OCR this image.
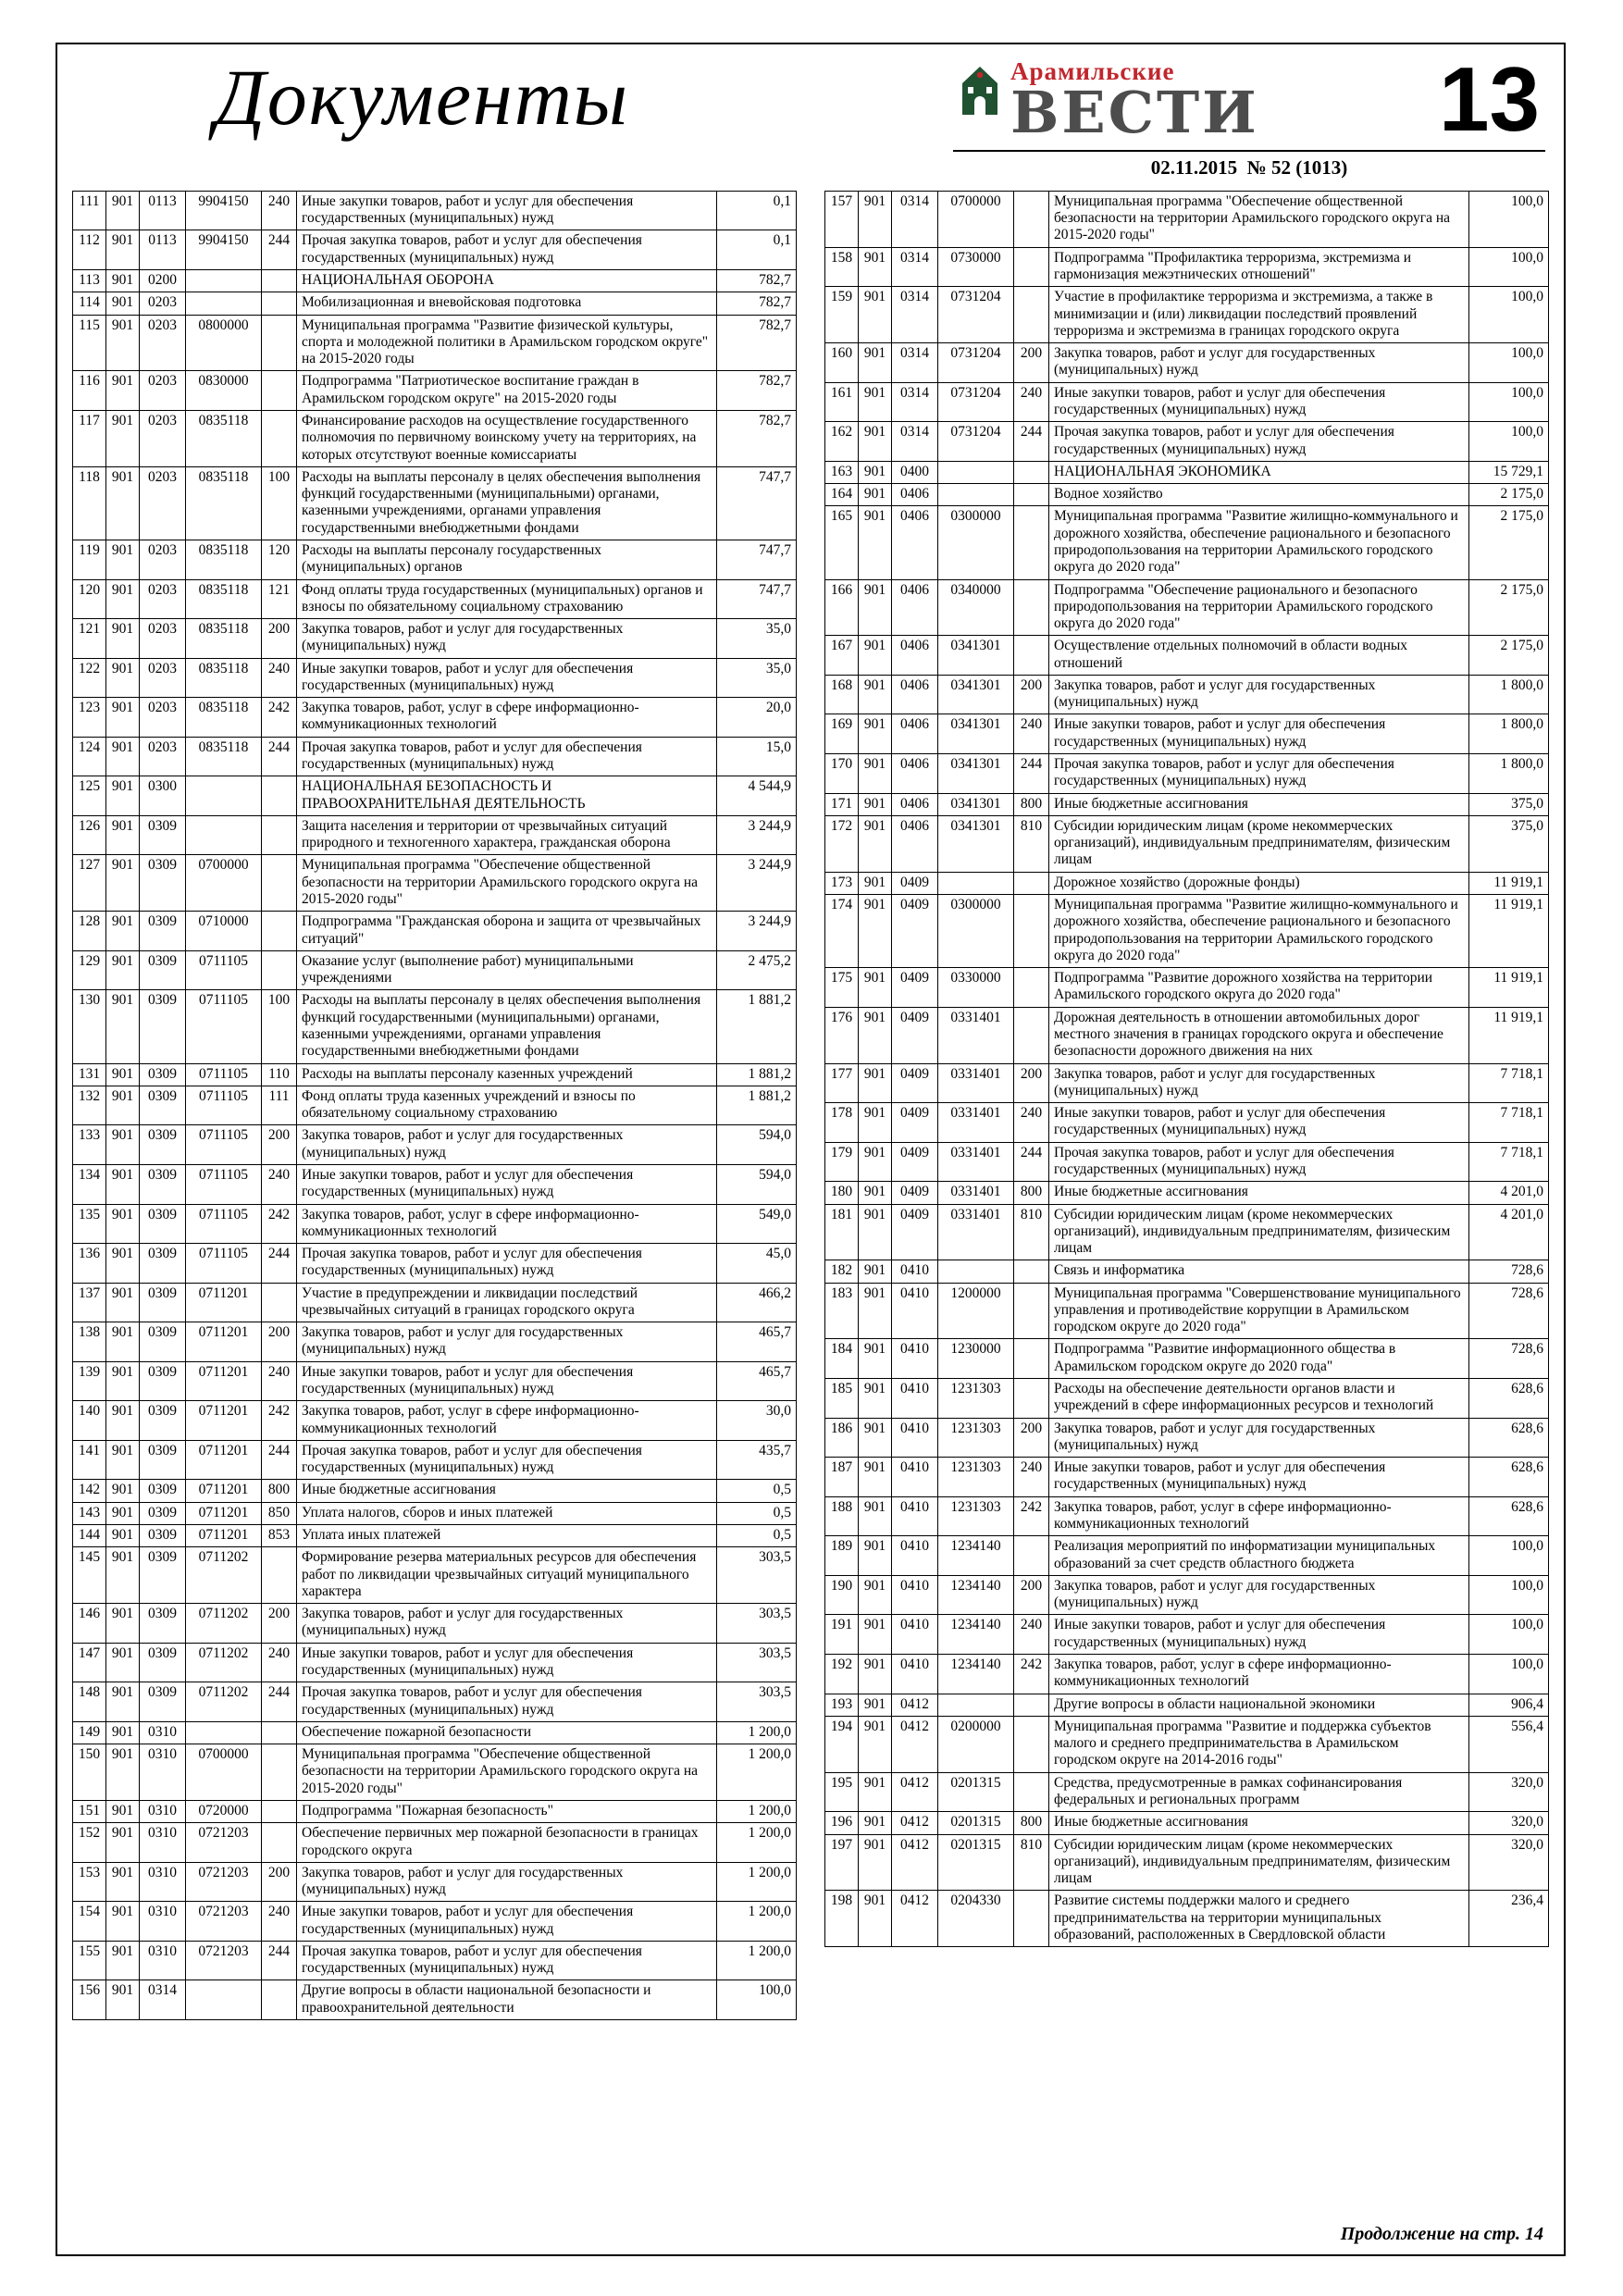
Документы	Арамильские
ВЕСТИ 13
02.11.2015  № 52 (1013)
111	901	0113	9904150	240	Иные закупки товаров, работ и услуг для обеспечения государственных (муниципальных) нужд	0,1
112	901	0113	9904150	244	Прочая закупка товаров, работ и услуг для обеспечения государственных (муниципальных) нужд	0,1
113	901	0200			НАЦИОНАЛЬНАЯ ОБОРОНА	782,7
114	901	0203			Мобилизационная и вневойсковая подготовка	782,7
115	901	0203	0800000		Муниципальная программа "Развитие физической культуры, спорта и молодежной политики в Арамильском городском округе" на 2015-2020 годы	782,7
116	901	0203	0830000		Подпрограмма "Патриотическое воспитание граждан в Арамильском городском округе" на 2015-2020 годы	782,7
117	901	0203	0835118		Финансирование расходов на осуществление государственного полномочия по первичному воинскому учету на территориях, на которых отсутствуют военные комиссариаты	782,7
118	901	0203	0835118	100	Расходы на выплаты персоналу в целях обеспечения выполнения функций государственными (муниципальными) органами, казенными учреждениями, органами управления государственными внебюджетными фондами	747,7
119	901	0203	0835118	120	Расходы на выплаты персоналу государственных (муниципальных) органов	747,7
120	901	0203	0835118	121	Фонд оплаты труда государственных (муниципальных) органов и взносы по обязательному социальному страхованию	747,7
121	901	0203	0835118	200	Закупка товаров, работ и услуг для государственных (муниципальных) нужд	35,0
122	901	0203	0835118	240	Иные закупки товаров, работ и услуг для обеспечения государственных (муниципальных) нужд	35,0
123	901	0203	0835118	242	Закупка товаров, работ, услуг в сфере информационно-коммуникационных технологий	20,0
124	901	0203	0835118	244	Прочая закупка товаров, работ и услуг для обеспечения государственных (муниципальных) нужд	15,0
125	901	0300			НАЦИОНАЛЬНАЯ БЕЗОПАСНОСТЬ И ПРАВООХРАНИТЕЛЬНАЯ ДЕЯТЕЛЬНОСТЬ	4 544,9
126	901	0309			Защита населения и территории от чрезвычайных ситуаций природного и техногенного характера, гражданская оборона	3 244,9
127	901	0309	0700000		Муниципальная программа "Обеспечение общественной безопасности на территории Арамильского городского округа на 2015-2020 годы"	3 244,9
128	901	0309	0710000		Подпрограмма "Гражданская оборона и защита от чрезвычайных ситуаций"	3 244,9
129	901	0309	0711105		Оказание услуг (выполнение работ) муниципальными учреждениями	2 475,2
130	901	0309	0711105	100	Расходы на выплаты персоналу в целях обеспечения выполнения функций государственными (муниципальными) органами, казенными учреждениями, органами управления государственными внебюджетными фондами	1 881,2
131	901	0309	0711105	110	Расходы на выплаты персоналу казенных учреждений	1 881,2
132	901	0309	0711105	111	Фонд оплаты труда казенных учреждений и взносы по обязательному социальному страхованию	1 881,2
133	901	0309	0711105	200	Закупка товаров, работ и услуг для государственных (муниципальных) нужд	594,0
134	901	0309	0711105	240	Иные закупки товаров, работ и услуг для обеспечения государственных (муниципальных) нужд	594,0
135	901	0309	0711105	242	Закупка товаров, работ, услуг в сфере информационно-коммуникационных технологий	549,0
136	901	0309	0711105	244	Прочая закупка товаров, работ и услуг для обеспечения государственных (муниципальных) нужд	45,0
137	901	0309	0711201		Участие в предупреждении и ликвидации последствий чрезвычайных ситуаций в границах городского округа	466,2
138	901	0309	0711201	200	Закупка товаров, работ и услуг для государственных (муниципальных) нужд	465,7
139	901	0309	0711201	240	Иные закупки товаров, работ и услуг для обеспечения государственных (муниципальных) нужд	465,7
140	901	0309	0711201	242	Закупка товаров, работ, услуг в сфере информационно-коммуникационных технологий	30,0
141	901	0309	0711201	244	Прочая закупка товаров, работ и услуг для обеспечения государственных (муниципальных) нужд	435,7
142	901	0309	0711201	800	Иные бюджетные ассигнования	0,5
143	901	0309	0711201	850	Уплата налогов, сборов и иных платежей	0,5
144	901	0309	0711201	853	Уплата иных платежей	0,5
145	901	0309	0711202		Формирование резерва материальных ресурсов для обеспечения работ по ликвидации чрезвычайных ситуаций муниципального характера	303,5
146	901	0309	0711202	200	Закупка товаров, работ и услуг для государственных (муниципальных) нужд	303,5
147	901	0309	0711202	240	Иные закупки товаров, работ и услуг для обеспечения государственных (муниципальных) нужд	303,5
148	901	0309	0711202	244	Прочая закупка товаров, работ и услуг для обеспечения государственных (муниципальных) нужд	303,5
149	901	0310			Обеспечение пожарной безопасности	1 200,0
150	901	0310	0700000		Муниципальная программа "Обеспечение общественной безопасности на территории Арамильского городского округа на 2015-2020 годы"	1 200,0
151	901	0310	0720000		Подпрограмма "Пожарная безопасность"	1 200,0
152	901	0310	0721203		Обеспечение первичных мер пожарной безопасности в границах городского округа	1 200,0
153	901	0310	0721203	200	Закупка товаров, работ и услуг для государственных (муниципальных) нужд	1 200,0
154	901	0310	0721203	240	Иные закупки товаров, работ и услуг для обеспечения государственных (муниципальных) нужд	1 200,0
155	901	0310	0721203	244	Прочая закупка товаров, работ и услуг для обеспечения государственных (муниципальных) нужд	1 200,0
156	901	0314			Другие вопросы в области национальной безопасности и правоохранительной деятельности	100,0
157	901	0314	0700000		Муниципальная программа "Обеспечение общественной безопасности на территории Арамильского городского округа на 2015-2020 годы"	100,0
158	901	0314	0730000		Подпрограмма "Профилактика терроризма, экстремизма и гармонизация межэтнических отношений"	100,0
159	901	0314	0731204		Участие в профилактике терроризма и экстремизма, а также в минимизации и (или) ликвидации последствий проявлений терроризма и экстремизма в границах городского округа	100,0
160	901	0314	0731204	200	Закупка товаров, работ и услуг для государственных (муниципальных) нужд	100,0
161	901	0314	0731204	240	Иные закупки товаров, работ и услуг для обеспечения государственных (муниципальных) нужд	100,0
162	901	0314	0731204	244	Прочая закупка товаров, работ и услуг для обеспечения государственных (муниципальных) нужд	100,0
163	901	0400			НАЦИОНАЛЬНАЯ ЭКОНОМИКА	15 729,1
164	901	0406			Водное хозяйство	2 175,0
165	901	0406	0300000		Муниципальная программа "Развитие жилищно-коммунального и дорожного хозяйства, обеспечение рационального и безопасного природопользования на территории Арамильского городского округа до 2020 года"	2 175,0
166	901	0406	0340000		Подпрограмма "Обеспечение рационального и безопасного природопользования на территории Арамильского городского округа до 2020 года"	2 175,0
167	901	0406	0341301		Осуществление отдельных полномочий в области водных отношений	2 175,0
168	901	0406	0341301	200	Закупка товаров, работ и услуг для государственных (муниципальных) нужд	1 800,0
169	901	0406	0341301	240	Иные закупки товаров, работ и услуг для обеспечения государственных (муниципальных) нужд	1 800,0
170	901	0406	0341301	244	Прочая закупка товаров, работ и услуг для обеспечения государственных (муниципальных) нужд	1 800,0
171	901	0406	0341301	800	Иные бюджетные ассигнования	375,0
172	901	0406	0341301	810	Субсидии юридическим лицам (кроме некоммерческих организаций), индивидуальным предпринимателям, физическим лицам	375,0
173	901	0409			Дорожное хозяйство (дорожные фонды)	11 919,1
174	901	0409	0300000		Муниципальная программа "Развитие жилищно-коммунального и дорожного хозяйства, обеспечение рационального и безопасного природопользования на территории Арамильского городского округа до 2020 года"	11 919,1
175	901	0409	0330000		Подпрограмма "Развитие дорожного хозяйства на территории Арамильского городского округа до 2020 года"	11 919,1
176	901	0409	0331401		Дорожная деятельность в отношении автомобильных дорог местного значения в границах городского округа и обеспечение безопасности дорожного движения на них	11 919,1
177	901	0409	0331401	200	Закупка товаров, работ и услуг для государственных (муниципальных) нужд	7 718,1
178	901	0409	0331401	240	Иные закупки товаров, работ и услуг для обеспечения государственных (муниципальных) нужд	7 718,1
179	901	0409	0331401	244	Прочая закупка товаров, работ и услуг для обеспечения государственных (муниципальных) нужд	7 718,1
180	901	0409	0331401	800	Иные бюджетные ассигнования	4 201,0
181	901	0409	0331401	810	Субсидии юридическим лицам (кроме некоммерческих организаций), индивидуальным предпринимателям, физическим лицам	4 201,0
182	901	0410			Связь и информатика	728,6
183	901	0410	1200000		Муниципальная программа "Совершенствование муниципального управления и противодействие коррупции в Арамильском городском округе до 2020 года"	728,6
184	901	0410	1230000		Подпрограмма "Развитие информационного общества в Арамильском городском округе до 2020 года"	728,6
185	901	0410	1231303		Расходы на обеспечение деятельности органов власти и учреждений в сфере информационных ресурсов и технологий	628,6
186	901	0410	1231303	200	Закупка товаров, работ и услуг для государственных (муниципальных) нужд	628,6
187	901	0410	1231303	240	Иные закупки товаров, работ и услуг для обеспечения государственных (муниципальных) нужд	628,6
188	901	0410	1231303	242	Закупка товаров, работ, услуг в сфере информационно-коммуникационных технологий	628,6
189	901	0410	1234140		Реализация мероприятий по информатизации муниципальных образований за счет средств областного бюджета	100,0
190	901	0410	1234140	200	Закупка товаров, работ и услуг для государственных (муниципальных) нужд	100,0
191	901	0410	1234140	240	Иные закупки товаров, работ и услуг для обеспечения государственных (муниципальных) нужд	100,0
192	901	0410	1234140	242	Закупка товаров, работ, услуг в сфере информационно-коммуникационных технологий	100,0
193	901	0412			Другие вопросы в области национальной экономики	906,4
194	901	0412	0200000		Муниципальная программа "Развитие и поддержка субъектов малого и среднего предпринимательства в Арамильском городском округе на 2014-2016 годы"	556,4
195	901	0412	0201315		Средства, предусмотренные в рамках софинансирования федеральных и региональных программ	320,0
196	901	0412	0201315	800	Иные бюджетные ассигнования	320,0
197	901	0412	0201315	810	Субсидии юридическим лицам (кроме некоммерческих организаций), индивидуальным предпринимателям, физическим лицам	320,0
198	901	0412	0204330		Развитие системы поддержки малого и среднего предпринимательства на территории муниципальных образований, расположенных в Свердловской области	236,4
Продолжение на стр. 14
